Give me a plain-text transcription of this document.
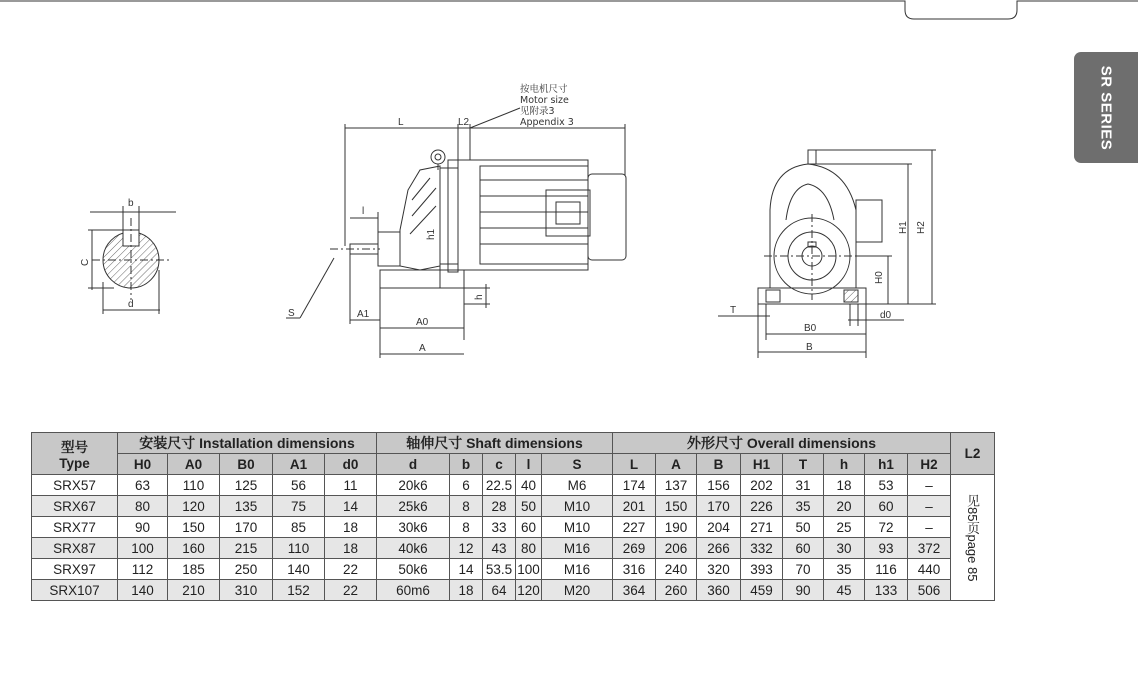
SR SERIES
b
C
d
按电机尺寸
Motor size
见附录3
Appendix 3
L	L2
l
h1
h
S	A1
A0
A
H1 H2
H0
T	d0
B0
B
型号
Type	安装尺寸 Installation dimensions					轴伸尺寸 Shaft dimensions					外形尺寸 Overall dimensions								L2
	H0	A0	B0	A1	d0	d	b	c	l	S	L	A	B	H1	T	h	h1	H2	
SRX57	63	110	125	56	11	20k6	6	22.5	40	M6	174	137	156	202	31	18	53	–	见85页page 85

SRX67	80	120	135	75	14	25k6	8	28	50	M10	201	150	170	226	35	20	60	–	
SRX77	90	150	170	85	18	30k6	8	33	60	M10	227	190	204	271	50	25	72	–	
SRX87	100	160	215	110	18	40k6	12	43	80	M16	269	206	266	332	60	30	93	372	
SRX97	112	185	250	140	22	50k6	14	53.5	100	M16	316	240	320	393	70	35	116	440	
SRX107	140	210	310	152	22	60m6	18	64	120	M20	364	260	360	459	90	45	133	506	
